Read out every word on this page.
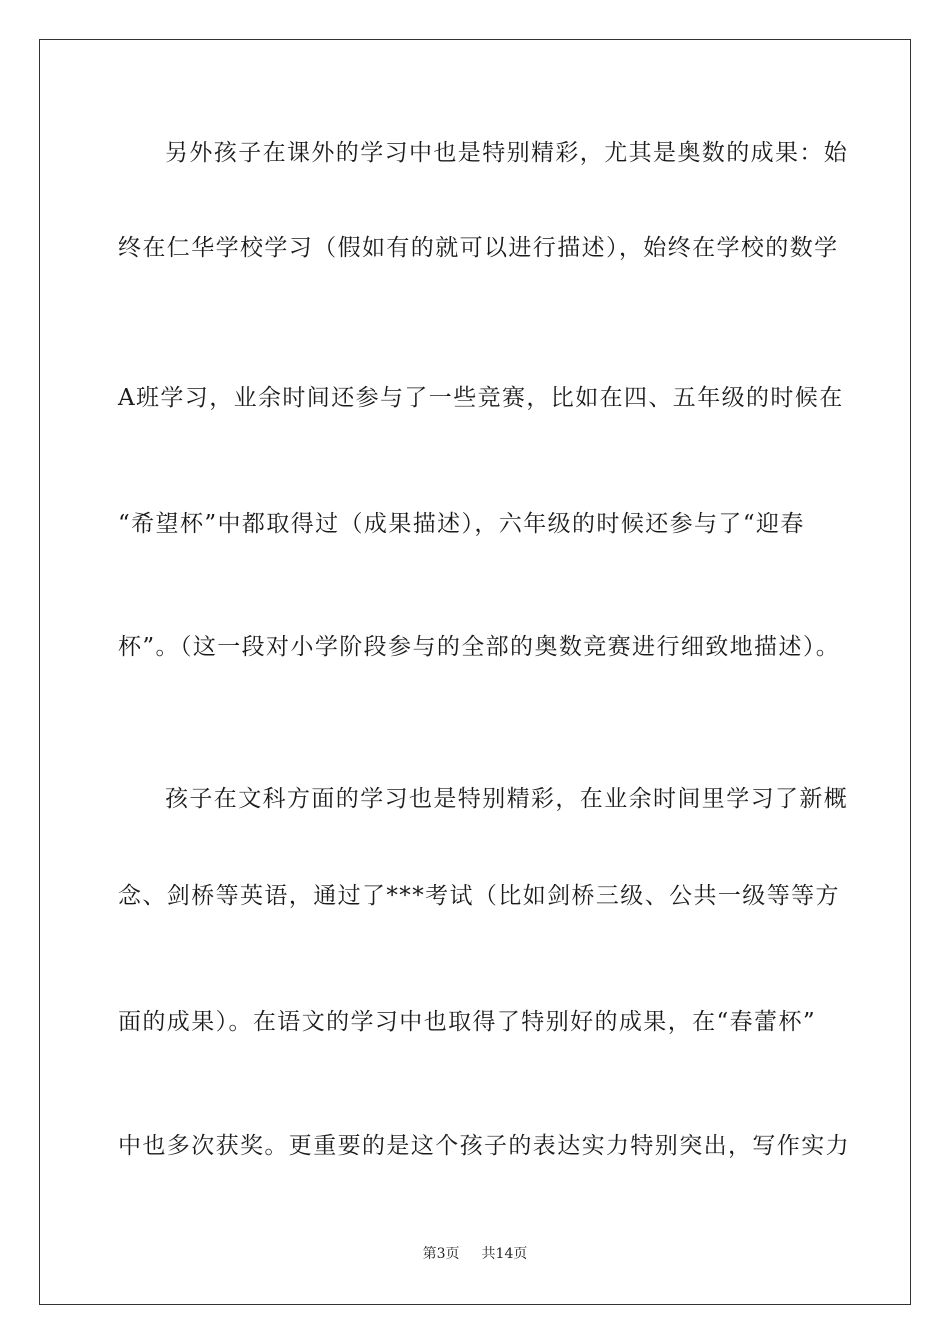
另外孩子在课外的学习中也是特别精彩，尤其是奥数的成果：始
终在仁华学校学习（假如有的就可以进行描述），始终在学校的数学
A班学习，业余时间还参与了一些竞赛，比如在四、五年级的时候在
“希望杯”中都取得过（成果描述），六年级的时候还参与了“迎春
杯”。（这一段对小学阶段参与的全部的奥数竞赛进行细致地描述）。
孩子在文科方面的学习也是特别精彩，在业余时间里学习了新概
念、剑桥等英语，通过了***考试（比如剑桥三级、公共一级等等方
面的成果）。在语文的学习中也取得了特别好的成果，在“春蕾杯”
中也多次获奖。更重要的是这个孩子的表达实力特别突出，写作实力
第3页 共14页
